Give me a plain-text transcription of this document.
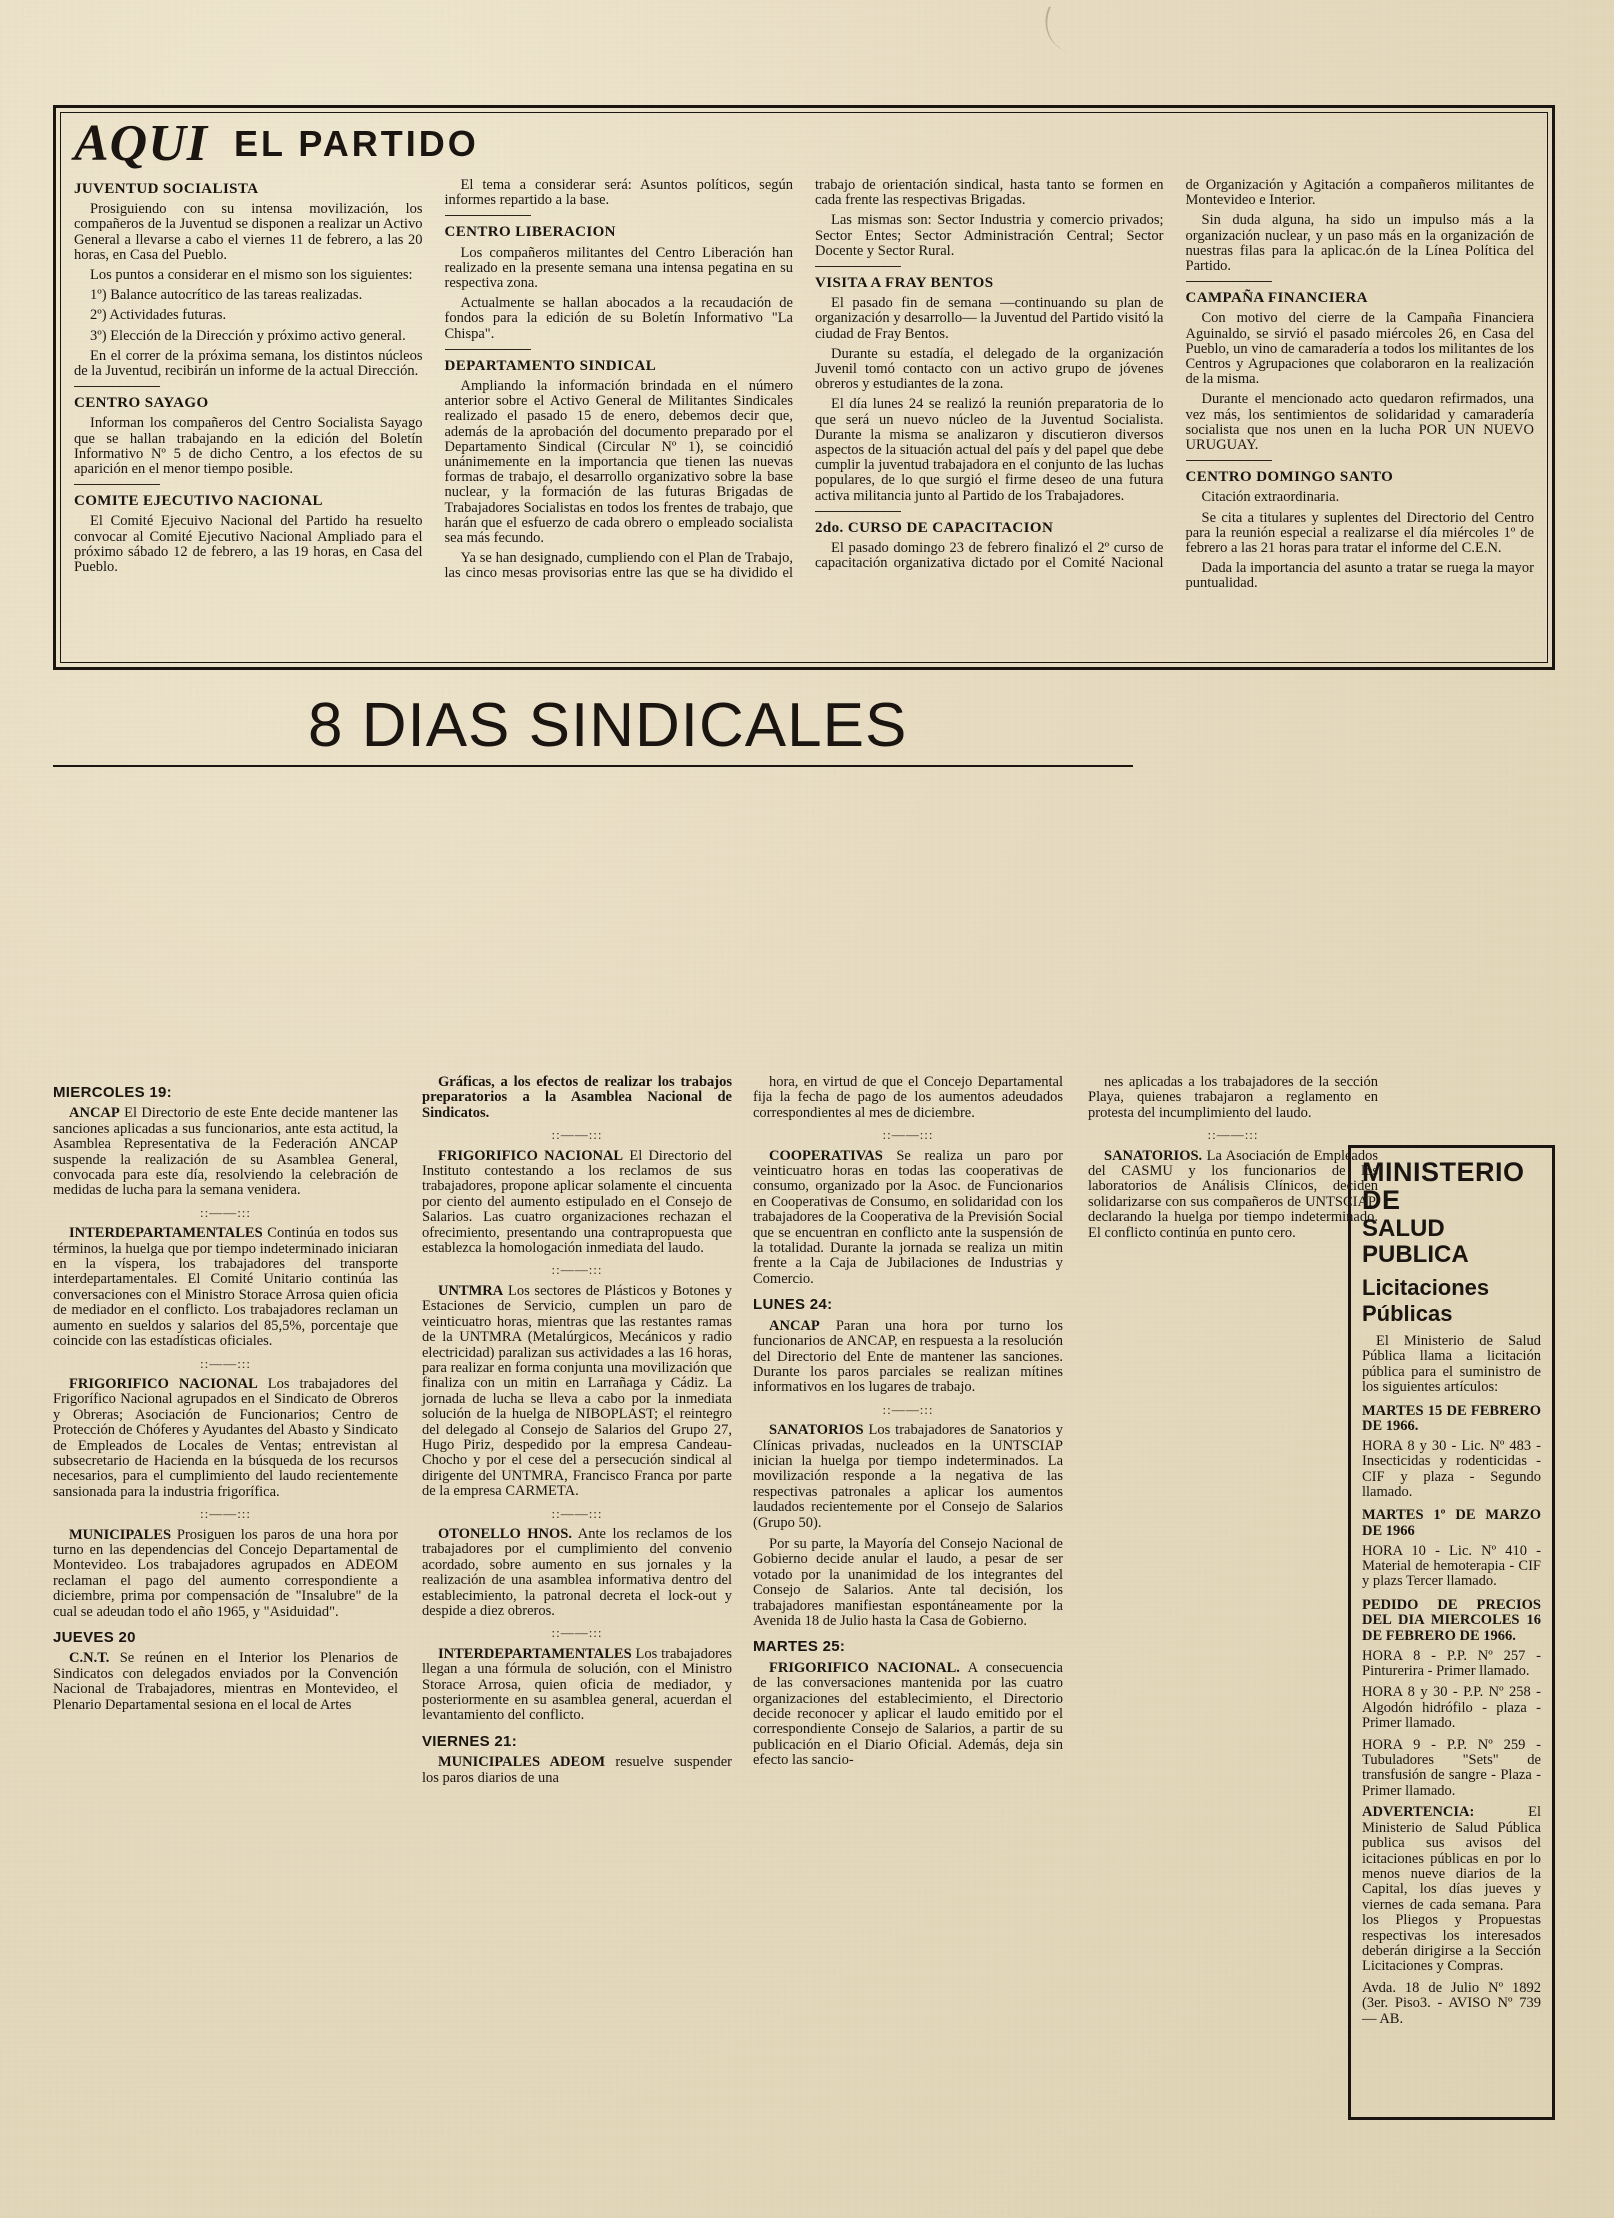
AQUI EL PARTIDO
JUVENTUD SOCIALISTA

Prosiguiendo con su intensa movilización, los compañeros de la Juventud se disponen a realizar un Activo General a llevarse a cabo el viernes 11 de febrero, a las 20 horas, en Casa del Pueblo.

Los puntos a considerar en el mismo son los siguientes:

1º) Balance autocrítico de las tareas realizadas.

2º) Actividades futuras.

3º) Elección de la Dirección y próximo activo general.

En el correr de la próxima semana, los distintos núcleos de la Juventud, recibirán un informe de la actual Dirección.

CENTRO SAYAGO

Informan los compañeros del Centro Socialista Sayago que se hallan trabajando en la edición del Boletín Informativo Nº 5 de dicho Centro, a los efectos de su aparición en el menor tiempo posible.

COMITE EJECUTIVO NACIONAL

El Comité Ejecuivo Nacional del Partido ha resuelto convocar al Comité Ejecutivo Nacional Ampliado para el próximo sábado 12 de febrero, a las 19 horas, en Casa del Pueblo.

El tema a considerar será: Asuntos políticos, según informes repartido a la base.

CENTRO LIBERACION

Los compañeros militantes del Centro Liberación han realizado en la presente semana una intensa pegatina en su respectiva zona.

Actualmente se hallan abocados a la recaudación de fondos para la edición de su Boletín Informativo "La Chispa".

DEPARTAMENTO SINDICAL

Ampliando la información brindada en el número anterior sobre el Activo General de Militantes Sindicales realizado el pasado 15 de enero, debemos decir que, además de la aprobación del documento preparado por el Departamento Sindical (Circular Nº 1), se coincidió unánimemente en la importancia que tienen las nuevas formas de trabajo, el desarrollo organizativo sobre la base nuclear, y la formación de las futuras Brigadas de Trabajadores Socialistas en todos los frentes de trabajo, que harán que el esfuerzo de cada obrero o empleado socialista sea más fecundo.

Ya se han designado, cumpliendo con el Plan de Trabajo, las cinco mesas provisorias entre las que se ha dividido el trabajo de orientación sindical, hasta tanto se formen en cada frente las respectivas Brigadas.

Las mismas son: Sector Industria y comercio privados; Sector Entes; Sector Administración Central; Sector Docente y Sector Rural.

VISITA A FRAY BENTOS

El pasado fin de semana —continuando su plan de organización y desarrollo— la Juventud del Partido visitó la ciudad de Fray Bentos.

Durante su estadía, el delegado de la organización Juvenil tomó contacto con un activo grupo de jóvenes obreros y estudiantes de la zona.

El día lunes 24 se realizó la reunión preparatoria de lo que será un nuevo núcleo de la Juventud Socialista. Durante la misma se analizaron y discutieron diversos aspectos de la situación actual del país y del papel que debe cumplir la juventud trabajadora en el conjunto de las luchas populares, de lo que surgió el firme deseo de una futura activa militancia junto al Partido de los Trabajadores.

2do. CURSO DE CAPACITACION

El pasado domingo 23 de febrero finalizó el 2º curso de capacitación organizativa dictado por el Comité Nacional de Organización y Agitación a compañeros militantes de Montevideo e Interior.

Sin duda alguna, ha sido un impulso más a la organización nuclear, y un paso más en la organización de nuestras filas para la aplicac.ón de la Línea Política del Partido.

CAMPAÑA FINANCIERA

Con motivo del cierre de la Campaña Financiera Aguinaldo, se sirvió el pasado miércoles 26, en Casa del Pueblo, un vino de camaradería a todos los militantes de los Centros y Agrupaciones que colaboraron en la realización de la misma.

Durante el mencionado acto quedaron refirmados, una vez más, los sentimientos de solidaridad y camaradería socialista que nos unen en la lucha POR UN NUEVO URUGUAY.

CENTRO DOMINGO SANTO

Citación extraordinaria.

Se cita a titulares y suplentes del Directorio del Centro para la reunión especial a realizarse el día miércoles 1º de febrero a las 21 horas para tratar el informe del C.E.N.

Dada la importancia del asunto a tratar se ruega la mayor puntualidad.

8 DIAS SINDICALES
MIERCOLES 19:

ANCAP El Directorio de este Ente decide mantener las sanciones aplicadas a sus funcionarios, ante esta actitud, la Asamblea Representativa de la Federación ANCAP suspende la realización de su Asamblea General, convocada para este día, resolviendo la celebración de medidas de lucha para la semana venidera.

::——:::

INTERDEPARTAMENTALES Continúa en todos sus términos, la huelga que por tiempo indeterminado iniciaran en la víspera, los trabajadores del transporte interdepartamentales. El Comité Unitario continúa las conversaciones con el Ministro Storace Arrosa quien oficia de mediador en el conflicto. Los trabajadores reclaman un aumento en sueldos y salarios del 85,5%, porcentaje que coincide con las estadísticas oficiales.

::——:::

FRIGORIFICO NACIONAL Los trabajadores del Frigorífico Nacional agrupados en el Sindicato de Obreros y Obreras; Asociación de Funcionarios; Centro de Protección de Chóferes y Ayudantes del Abasto y Sindicato de Empleados de Locales de Ventas; entrevistan al subsecretario de Hacienda en la búsqueda de los recursos necesarios, para el cumplimiento del laudo recientemente sansionada para la industria frigorífica.

::——:::

MUNICIPALES Prosiguen los paros de una hora por turno en las dependencias del Concejo Departamental de Montevideo. Los trabajadores agrupados en ADEOM reclaman el pago del aumento correspondiente a diciembre, prima por compensación de "Insalubre" de la cual se adeudan todo el año 1965, y "Asiduidad".

JUEVES 20

C.N.T. Se reúnen en el Interior los Plenarios de Sindicatos con delegados enviados por la Convención Nacional de Trabajadores, mientras en Montevideo, el Plenario Departamental sesiona en el local de Artes

Gráficas, a los efectos de realizar los trabajos preparatorios a la Asamblea Nacional de Sindicatos.

::——:::

FRIGORIFICO NACIONAL El Directorio del Instituto contestando a los reclamos de sus trabajadores, propone aplicar solamente el cincuenta por ciento del aumento estipulado en el Consejo de Salarios. Las cuatro organizaciones rechazan el ofrecimiento, presentando una contrapropuesta que establezca la homologación inmediata del laudo.

::——:::

UNTMRA Los sectores de Plásticos y Botones y Estaciones de Servicio, cumplen un paro de veinticuatro horas, mientras que las restantes ramas de la UNTMRA (Metalúrgicos, Mecánicos y radio electricidad) paralizan sus actividades a las 16 horas, para realizar en forma conjunta una movilización que finaliza con un mitin en Larrañaga y Cádiz. La jornada de lucha se lleva a cabo por la inmediata solución de la huelga de NIBOPLAST; el reintegro del delegado al Consejo de Salarios del Grupo 27, Hugo Piriz, despedido por la empresa Candeau-Chocho y por el cese del a persecución sindical al dirigente del UNTMRA, Francisco Franca por parte de la empresa CARMETA.

::——:::

OTONELLO HNOS. Ante los reclamos de los trabajadores por el cumplimiento del convenio acordado, sobre aumento en sus jornales y la realización de una asamblea informativa dentro del establecimiento, la patronal decreta el lock-out y despide a diez obreros.

::——:::

INTERDEPARTAMENTALES Los trabajadores llegan a una fórmula de solución, con el Ministro Storace Arrosa, quien oficia de mediador, y posteriormente en su asamblea general, acuerdan el levantamiento del conflicto.

VIERNES 21:

MUNICIPALES ADEOM resuelve suspender los paros diarios de una

hora, en virtud de que el Concejo Departamental fija la fecha de pago de los aumentos adeudados correspondientes al mes de diciembre.

::——:::

COOPERATIVAS Se realiza un paro por veinticuatro horas en todas las cooperativas de consumo, organizado por la Asoc. de Funcionarios en Cooperativas de Consumo, en solidaridad con los trabajadores de la Cooperativa de la Previsión Social que se encuentran en conflicto ante la suspensión de la totalidad. Durante la jornada se realiza un mitin frente a la Caja de Jubilaciones de Industrias y Comercio.

LUNES 24:

ANCAP Paran una hora por turno los funcionarios de ANCAP, en respuesta a la resolución del Directorio del Ente de mantener las sanciones. Durante los paros parciales se realizan mítines informativos en los lugares de trabajo.

::——:::

SANATORIOS Los trabajadores de Sanatorios y Clínicas privadas, nucleados en la UNTSCIAP inician la huelga por tiempo indeterminados. La movilización responde a la negativa de las respectivas patronales a aplicar los aumentos laudados recientemente por el Consejo de Salarios (Grupo 50).

Por su parte, la Mayoría del Consejo Nacional de Gobierno decide anular el laudo, a pesar de ser votado por la unanimidad de los integrantes del Consejo de Salarios. Ante tal decisión, los trabajadores manifiestan espontáneamente por la Avenida 18 de Julio hasta la Casa de Gobierno.

MARTES 25:

FRIGORIFICO NACIONAL. A consecuencia de las conversaciones mantenida por las cuatro organizaciones del establecimiento, el Directorio decide reconocer y aplicar el laudo emitido por el correspondiente Consejo de Salarios, a partir de su publicación en el Diario Oficial. Además, deja sin efecto las sancio-

nes aplicadas a los trabajadores de la sección Playa, quienes trabajaron a reglamento en protesta del incumplimiento del laudo.

::——:::

SANATORIOS. La Asociación de Empleados del CASMU y los funcionarios de los laboratorios de Análisis Clínicos, deciden solidarizarse con sus compañeros de UNTSCIAP, declarando la huelga por tiempo indeterminado. El conflicto continúa en punto cero.

MINISTERIO DE
SALUD PUBLICA
Licitaciones Públicas

El Ministerio de Salud Pública llama a licitación pública para el suministro de los siguientes artículos:

MARTES 15 DE FEBRERO DE 1966.

HORA 8 y 30 - Lic. Nº 483 - Insecticidas y rodenticidas - CIF y plaza - Segundo llamado.

MARTES 1º DE MARZO DE 1966

HORA 10 - Lic. Nº 410 - Material de hemoterapia - CIF y plazs Tercer llamado.

PEDIDO DE PRECIOS DEL DIA MIERCOLES 16 DE FEBRERO DE 1966.

HORA 8 - P.P. Nº 257 - Pinturerira - Primer llamado.

HORA 8 y 30 - P.P. Nº 258 - Algodón hidrófilo - plaza - Primer llamado.

HORA 9 - P.P. Nº 259 - Tubuladores "Sets" de transfusión de sangre - Plaza - Primer llamado.

ADVERTENCIA: El Ministerio de Salud Pública publica sus avisos del icitaciones públicas en por lo menos nueve diarios de la Capital, los días jueves y viernes de cada semana. Para los Pliegos y Propuestas respectivas los interesados deberán dirigirse a la Sección Licitaciones y Compras.

Avda. 18 de Julio Nº 1892 (3er. Piso3. - AVISO Nº 739 — AB.
